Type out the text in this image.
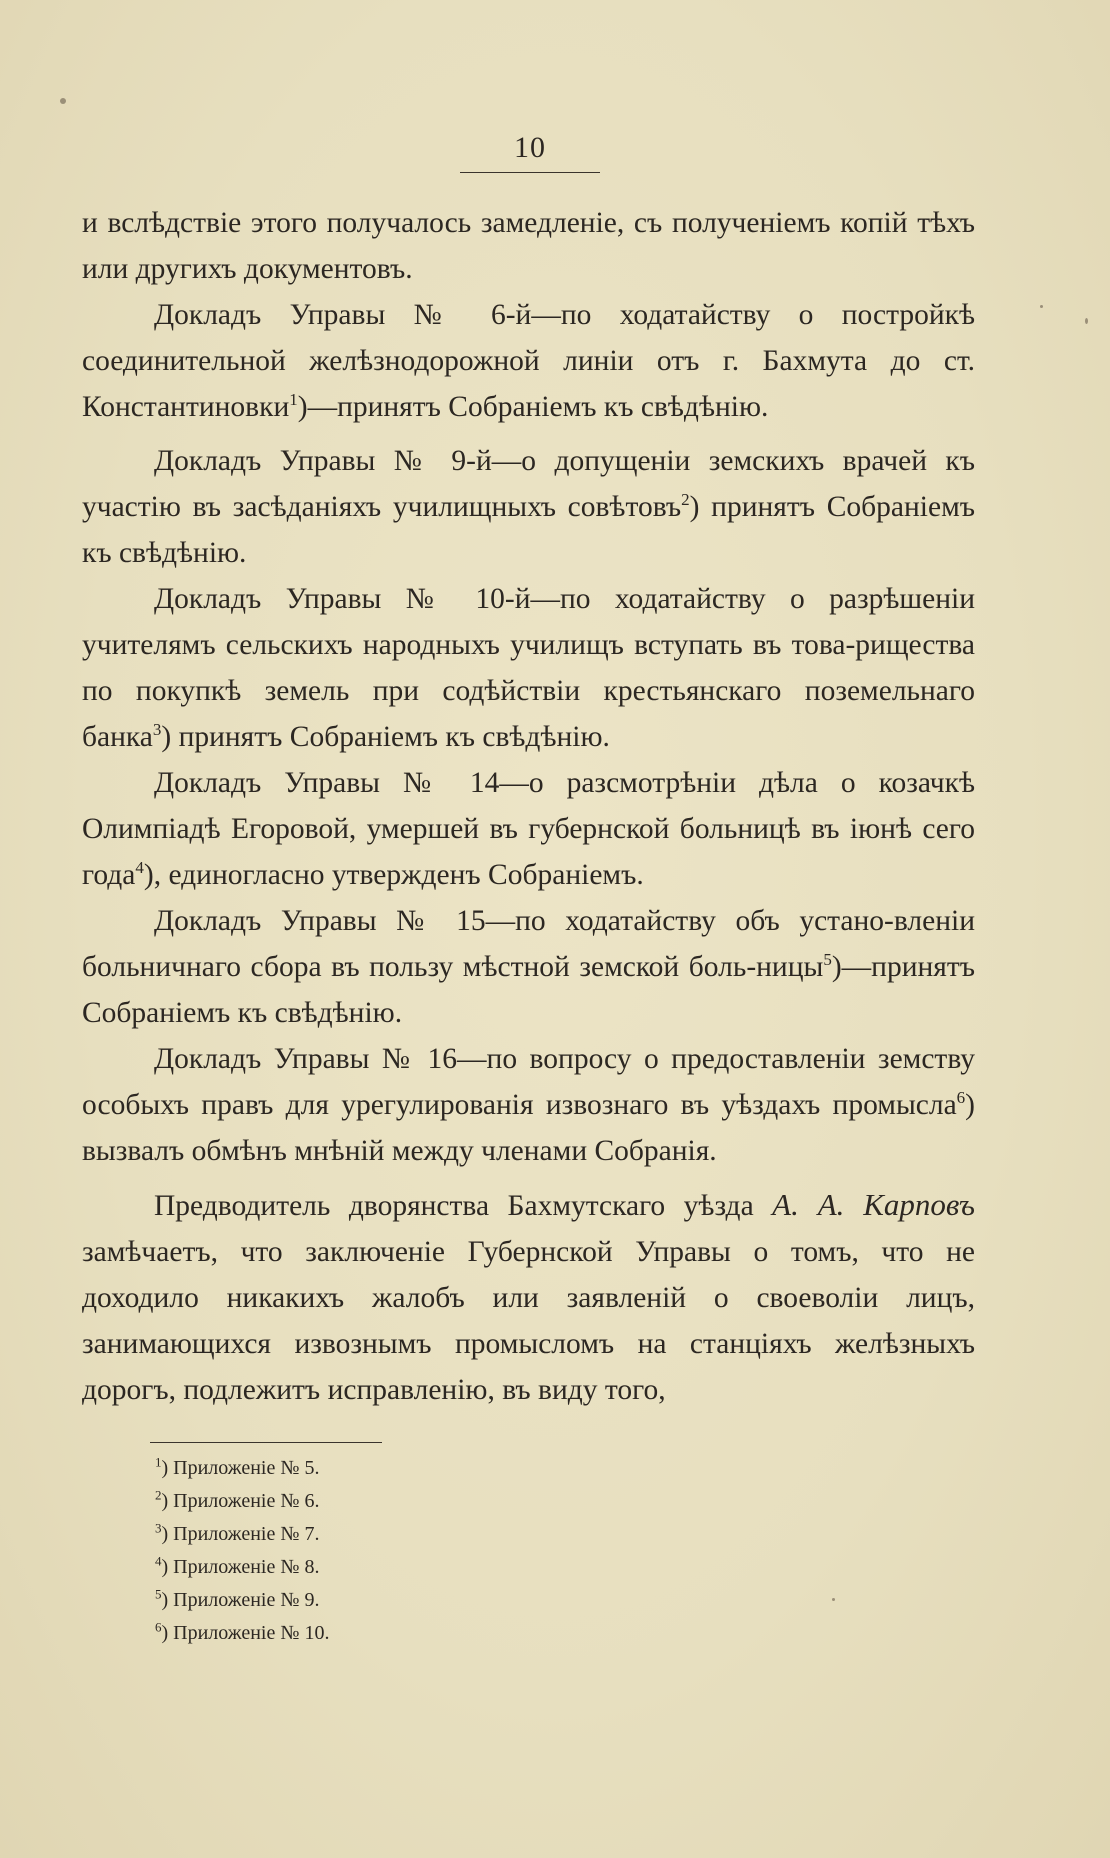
10

и вслѣдствіе этого получалось замедленіе, съ полученіемъ копій тѣхъ или другихъ документовъ.

Докладъ Управы № 6-й—по ходатайству о постройкѣ соединительной желѣзнодорожной линіи отъ г. Бахмута до ст. Константиновки$^1$)—принятъ Собраніемъ къ свѣдѣнію.

Докладъ Управы № 9-й—о допущеніи земскихъ врачей къ участію въ засѣданіяхъ училищныхъ совѣтовъ$^2$) принятъ Собраніемъ къ свѣдѣнію.

Докладъ Управы № 10-й—по ходатайству о разрѣшеніи учителямъ сельскихъ народныхъ училищъ вступать въ това-рищества по покупкѣ земель при содѣйствіи крестьянскаго поземельнаго банка$^3$) принятъ Собраніемъ къ свѣдѣнію.

Докладъ Управы № 14—о разсмотрѣніи дѣла о козачкѣ Олимпіадѣ Егоровой, умершей въ губернской больницѣ въ іюнѣ сего года$^4$), единогласно утвержденъ Собраніемъ.

Докладъ Управы № 15—по ходатайству объ устано-вленіи больничнаго сбора въ пользу мѣстной земской боль-ницы$^5$)—принятъ Собраніемъ къ свѣдѣнію.

Докладъ Управы № 16—по вопросу о предоставленіи земству особыхъ правъ для урегулированія извознаго въ уѣздахъ промысла$^6$) вызвалъ обмѣнъ мнѣній между членами Собранія.

Предводитель дворянства Бахмутскаго уѣзда А. А. Карповъ замѣчаетъ, что заключеніе Губернской Управы о томъ, что не доходило никакихъ жалобъ или заявленій о своеволіи лицъ, занимающихся извознымъ промысломъ на станціяхъ желѣзныхъ дорогъ, подлежитъ исправленію, въ виду того,

$^1$) Приложеніе № 5.

$^2$) Приложеніе № 6.

$^3$) Приложеніе № 7.

$^4$) Приложеніе № 8.

$^5$) Приложеніе № 9.

$^6$) Приложеніе № 10.
